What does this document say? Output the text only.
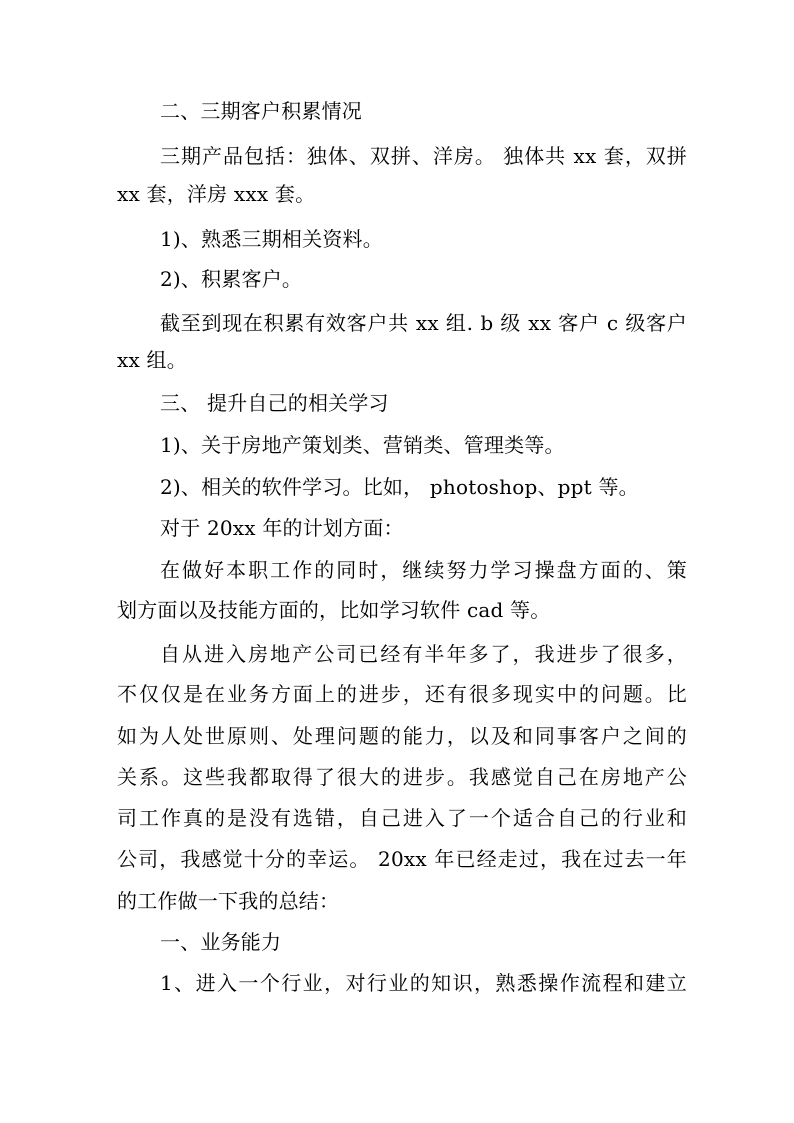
二、三期客户积累情况
三期产品包括：独体、双拼、洋房。 独体共 xx 套，双拼
xx 套，洋房 xxx 套。
1)、熟悉三期相关资料。
2)、积累客户。
截至到现在积累有效客户共 xx 组. b 级 xx 客户 c 级客户
xx 组。
三、 提升自己的相关学习
1)、关于房地产策划类、营销类、管理类等。
2)、相关的软件学习。比如， photoshop、ppt 等。
对于 20xx 年的计划方面：
在做好本职工作的同时，继续努力学习操盘方面的、策
划方面以及技能方面的，比如学习软件 cad 等。
自从进入房地产公司已经有半年多了，我进步了很多，
不仅仅是在业务方面上的进步，还有很多现实中的问题。比
如为人处世原则、处理问题的能力，以及和同事客户之间的
关系。这些我都取得了很大的进步。我感觉自己在房地产公
司工作真的是没有选错，自己进入了一个适合自己的行业和
公司，我感觉十分的幸运。 20xx 年已经走过，我在过去一年
的工作做一下我的总结：
一、业务能力
1、进入一个行业，对行业的知识，熟悉操作流程和建立
